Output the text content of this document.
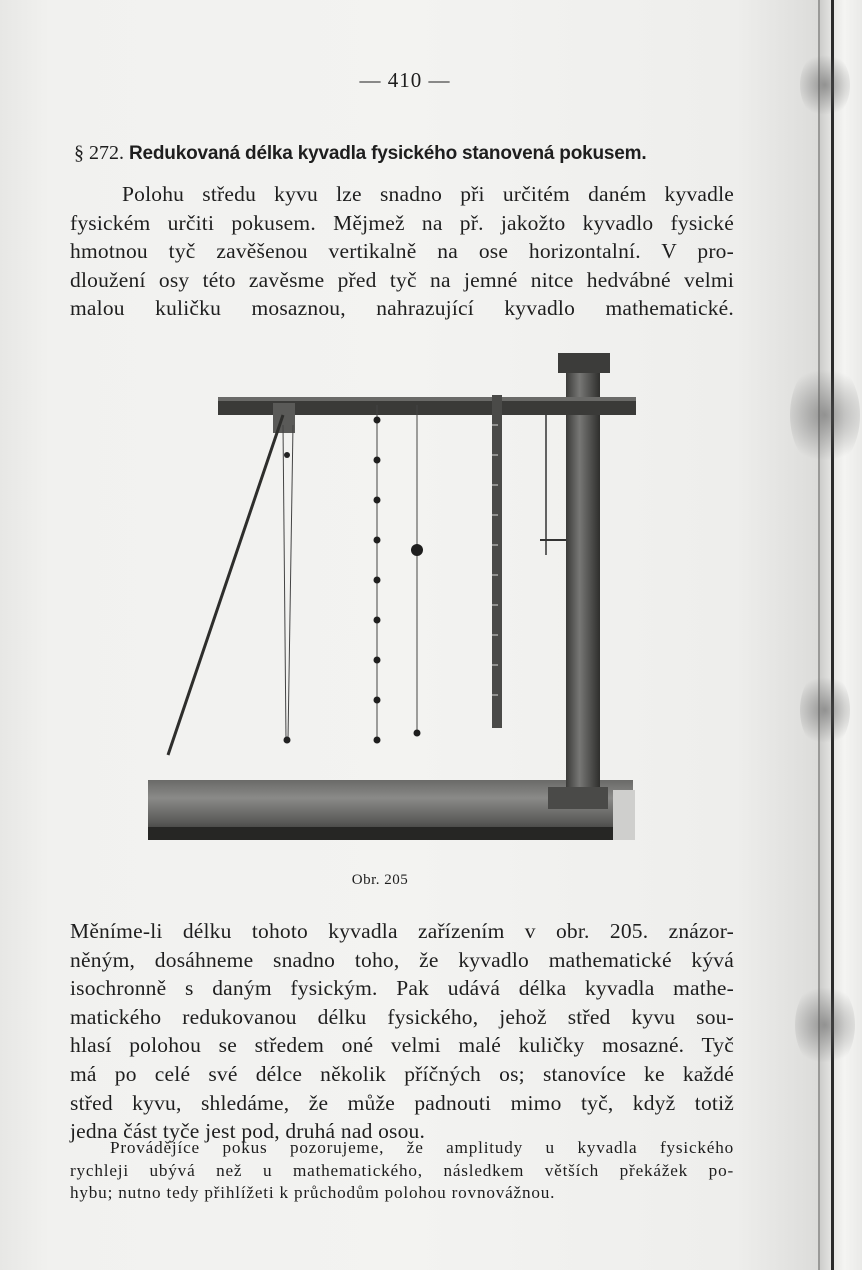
— 410 —
§ 272. Redukovaná délka kyvadla fysického stanovená pokusem.
Polohu středu kyvu lze snadno při určitém daném kyvadle
fysickém určiti pokusem. Mějmež na př. jakožto kyvadlo fysické
hmotnou tyč zavěšenou vertikalně na ose horizontalní. V pro-
dloužení osy této zavěsme před tyč na jemné nitce hedvábné velmi
malou kuličku mosaznou, nahrazující kyvadlo mathematické.
Obr. 205
Měníme-li délku tohoto kyvadla zařízením v obr. 205. znázor-
něným, dosáhneme snadno toho, že kyvadlo mathematické kývá
isochronně s daným fysickým. Pak udává délka kyvadla mathe-
matického redukovanou délku fysického, jehož střed kyvu sou-
hlasí polohou se středem oné velmi malé kuličky mosazné. Tyč
má po celé své délce několik příčných os; stanovíce ke každé
střed kyvu, shledáme, že může padnouti mimo tyč, když totiž
jedna část tyče jest pod, druhá nad osou.
Provádějíce pokus pozorujeme, že amplitudy u kyvadla fysického
rychleji ubývá než u mathematického, následkem větších překážek po-
hybu; nutno tedy přihlížeti k průchodům polohou rovnovážnou.
